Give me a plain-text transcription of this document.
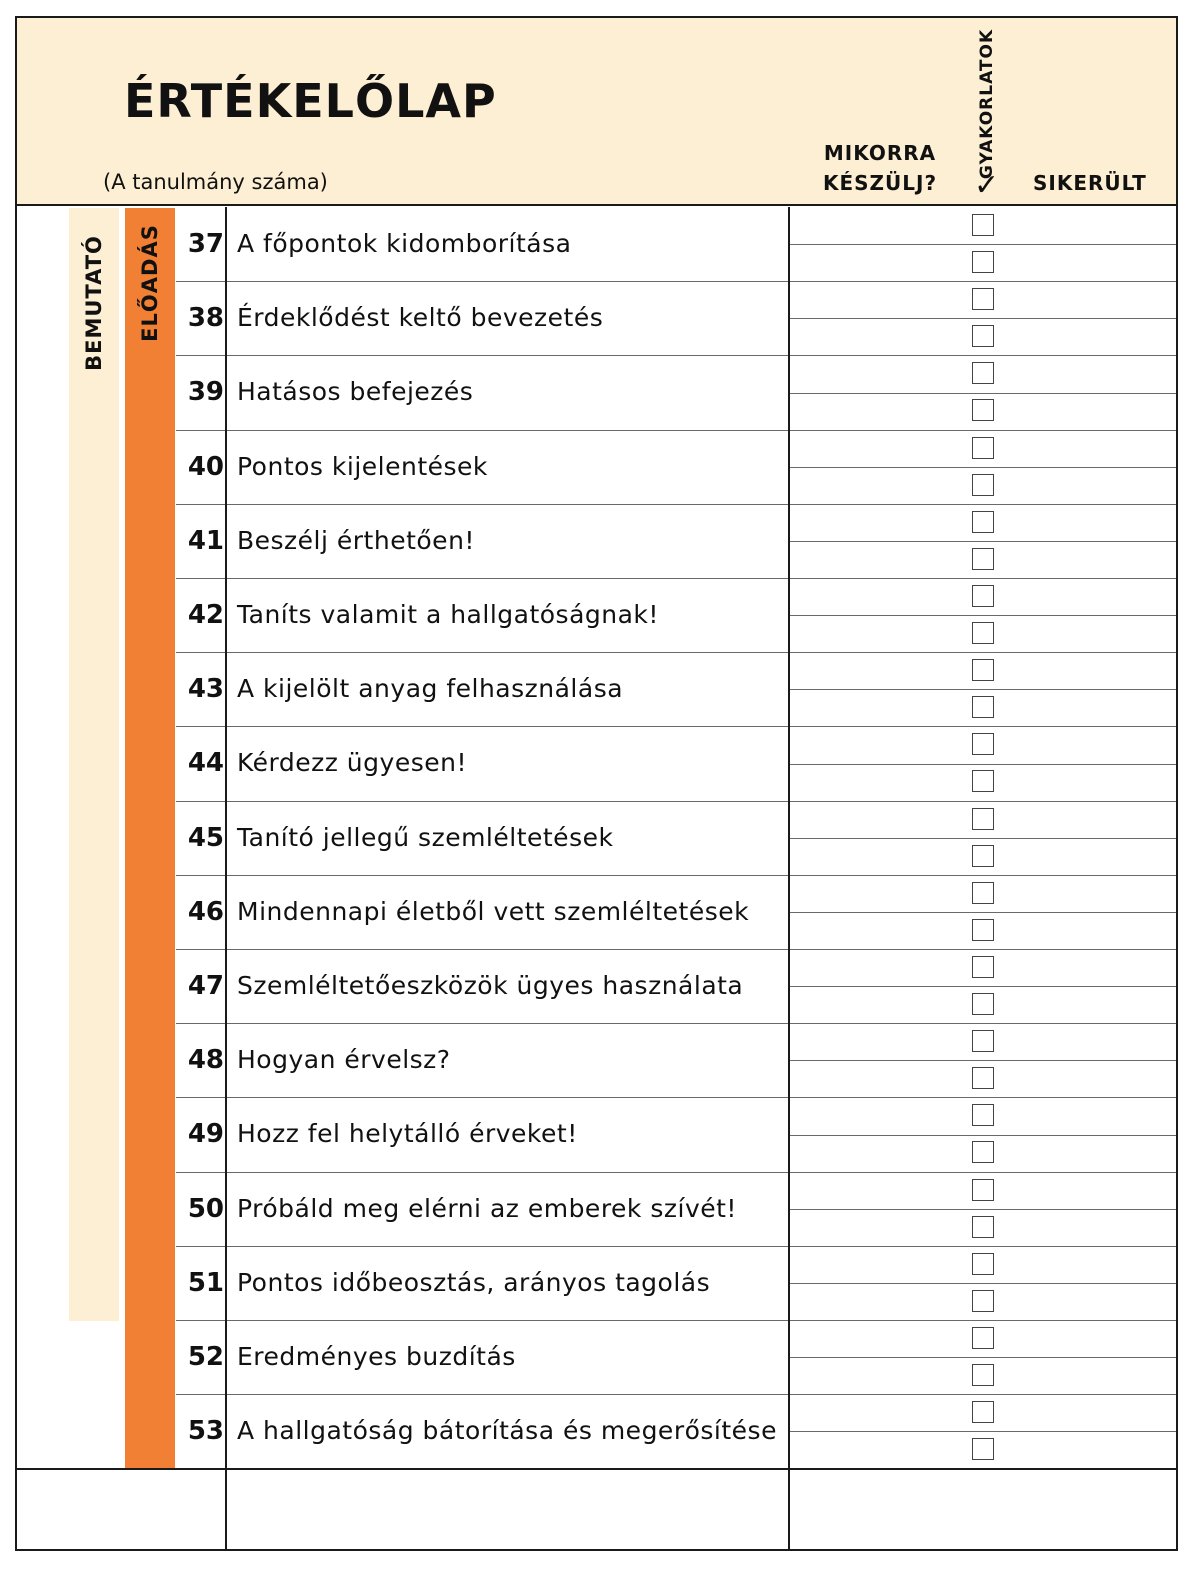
ÉRTÉKELŐLAP
(A tanulmány száma)
MIKORRA
KÉSZÜLJ?
GYAKORLATOK
✓ SIKERÜLT
BEMUTATÓ ELŐADÁS 37 A főpontok kidomborítása
38 Érdeklődést keltő bevezetés
39 Hatásos befejezés
40 Pontos kijelentések
41 Beszélj érthetően!
42 Taníts valamit a hallgatóságnak!
43 A kijelölt anyag felhasználása
44 Kérdezz ügyesen!
45 Tanító jellegű szemléltetések
46 Mindennapi életből vett szemléltetések
47 Szemléltetőeszközök ügyes használata
48 Hogyan érvelsz?
49 Hozz fel helytálló érveket!
50 Próbáld meg elérni az emberek szívét!
51 Pontos időbeosztás, arányos tagolás
52 Eredményes buzdítás
53 A hallgatóság bátorítása és megerősítése
